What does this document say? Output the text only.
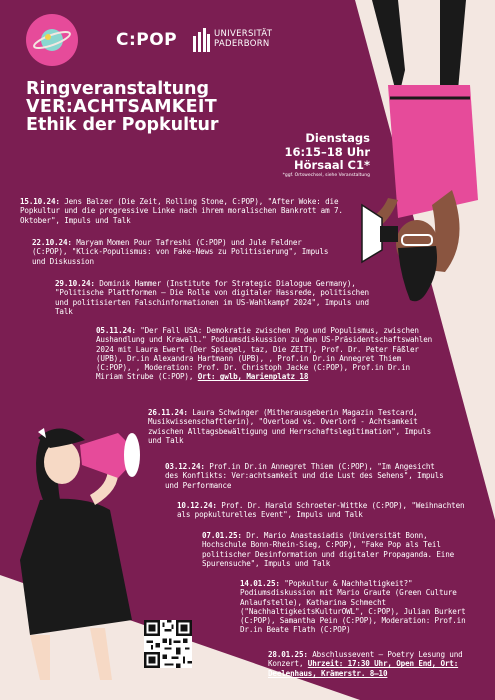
C:POP	UNIVERSITÄT PADERBORN
Ringveranstaltung
VER:ACHTSAMKEIT
Ethik der Popkultur
Dienstags
16:15–18 Uhr
Hörsaal C1*
*ggf. Ortswechsel, siehe Veranstaltung
15.10.24: Jens Balzer (Die Zeit, Rolling Stone, C:POP), "After Woke: die Popkultur und die progressive Linke nach ihrem moralischen Bankrott am 7. Oktober", Impuls und Talk
22.10.24: Maryam Momen Pour Tafreshi (C:POP) und Jule Feldner (C:POP), "Klick-Populismus: von Fake-News zu Politisierung", Impuls und Diskussion
29.10.24: Dominik Hammer (Institute for Strategic Dialogue Germany), "Politische Plattformen – Die Rolle von digitaler Hassrede, politischen und politisierten Falschinformationen im US-Wahlkampf 2024", Impuls und Talk
05.11.24: "Der Fall USA: Demokratie zwischen Pop und Populismus, zwischen Aushandlung und Krawall." Podiumsdiskussion zu den US-Präsidentschaftswahlen 2024 mit Laura Ewert (Der Spiegel, taz, Die ZEIT), Prof. Dr. Peter Fäßler (UPB), Dr.in Alexandra Hartmann (UPB), , Prof.in Dr.in Annegret Thiem (C:POP), , Moderation: Prof. Dr. Christoph Jacke (C:POP), Prof.in Dr.in Miriam Strube (C:POP), Ort: gwlb, Marienplatz 18
26.11.24: Laura Schwinger (Mitherausgeberin Magazin Testcard, Musikwissenschaftlerin), "Overload vs. Overlord - Achtsamkeit zwischen Alltagsbewältigung und Herrschaftslegitimation", Impuls und Talk
03.12.24: Prof.in Dr.in Annegret Thiem (C:POP), "Im Angesicht des Konflikts: Ver:achtsamkeit und die Lust des Sehens", Impuls und Performance
10.12.24: Prof. Dr. Harald Schroeter-Wittke (C:POP), "Weihnachten als popkulturelles Event", Impuls und Talk
07.01.25: Dr. Mario Anastasiadis (Universität Bonn, Hochschule Bonn-Rhein-Sieg, C:POP), "Fake Pop als Teil politischer Desinformation und digitaler Propaganda. Eine Spurensuche", Impuls und Talk
14.01.25: "Popkultur & Nachhaltigkeit?" Podiumsdiskussion mit Mario Graute (Green Culture Anlaufstelle), Katharina Schmecht ("NachhaltigkeitsKulturOWL", C:POP), Julian Burkert (C:POP), Samantha Pein (C:POP), Moderation: Prof.in Dr.in Beate Flath (C:POP)
28.01.25: Abschlussevent – Poetry Lesung und Konzert, Uhrzeit: 17:30 Uhr, Open End, Ort: Deelenhaus, Krämerstr. 8–10
